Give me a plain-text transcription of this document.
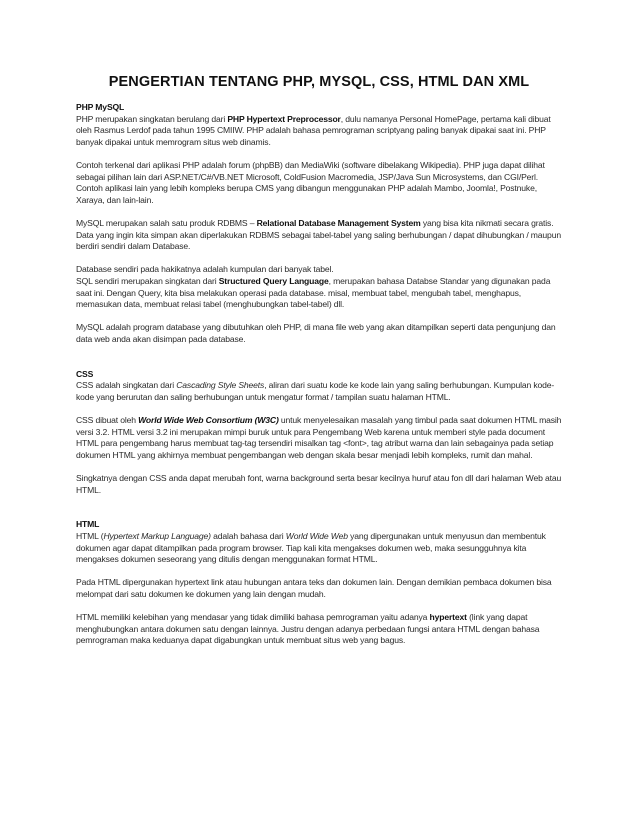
PENGERTIAN TENTANG PHP, MYSQL, CSS, HTML DAN XML
PHP MySQL
PHP merupakan singkatan berulang dari PHP Hypertext Preprocessor, dulu namanya Personal HomePage, pertama kali dibuat oleh Rasmus Lerdof pada tahun 1995 CMIIW. PHP adalah bahasa pemrograman scriptyang paling banyak dipakai saat ini. PHP banyak dipakai untuk memrogram situs web dinamis.
Contoh terkenal dari aplikasi PHP adalah forum (phpBB) dan MediaWiki (software dibelakang Wikipedia). PHP juga dapat dilihat sebagai pilihan lain dari ASP.NET/C#/VB.NET Microsoft, ColdFusion Macromedia, JSP/Java Sun Microsystems, dan CGI/Perl. Contoh aplikasi lain yang lebih kompleks berupa CMS yang dibangun menggunakan PHP adalah Mambo, Joomla!, Postnuke, Xaraya, dan lain-lain.
MySQL merupakan salah satu produk RDBMS – Relational Database Management System yang bisa kita nikmati secara gratis. Data yang ingin kita simpan akan diperlakukan RDBMS sebagai tabel-tabel yang saling berhubungan / dapat dihubungkan / maupun berdiri sendiri dalam Database.
Database sendiri pada hakikatnya adalah kumpulan dari banyak tabel.
SQL sendiri merupakan singkatan dari Structured Query Language, merupakan bahasa Databse Standar yang digunakan pada saat ini. Dengan Query, kita bisa melakukan operasi pada database. misal, membuat tabel, mengubah tabel, menghapus, memasukan data, membuat relasi tabel (menghubungkan tabel-tabel) dll.
MySQL adalah program database yang dibutuhkan oleh PHP, di mana file web yang akan ditampilkan seperti data pengunjung dan data web anda akan disimpan pada database.
CSS
CSS adalah singkatan dari Cascading Style Sheets, aliran dari suatu kode ke kode lain yang saling berhubungan. Kumpulan kode-kode yang berurutan dan saling berhubungan untuk mengatur format / tampilan suatu halaman HTML.
CSS dibuat oleh World Wide Web Consortium (W3C) untuk menyelesaikan masalah yang timbul pada saat dokumen HTML masih versi 3.2. HTML versi 3.2 ini merupakan mimpi buruk untuk para Pengembang Web karena untuk memberi style pada document HTML para pengembang harus membuat tag-tag tersendiri misalkan tag <font>, tag atribut warna dan lain sebagainya pada setiap dokumen HTML yang akhirnya membuat pengembangan web dengan skala besar menjadi lebih kompleks, rumit dan mahal.
Singkatnya dengan CSS anda dapat merubah font, warna background serta besar kecilnya huruf atau fon dll dari halaman Web atau HTML.
HTML
HTML (Hypertext Markup Language) adalah bahasa dari World Wide Web yang dipergunakan untuk menyusun dan membentuk dokumen agar dapat ditampilkan pada program browser. Tiap kali kita mengakses dokumen web, maka sesungguhnya kita mengakses dokumen seseorang yang ditulis dengan menggunakan format HTML.
Pada HTML dipergunakan hypertext link atau hubungan antara teks dan dokumen lain. Dengan demikian pembaca dokumen bisa melompat dari satu dokumen ke dokumen yang lain dengan mudah.
HTML memiliki kelebihan yang mendasar yang tidak dimiliki bahasa pemrograman yaitu adanya hypertext (link yang dapat menghubungkan antara dokumen satu dengan lainnya. Justru dengan adanya perbedaan fungsi antara HTML dengan bahasa pemrograman maka keduanya dapat digabungkan untuk membuat situs web yang bagus.
